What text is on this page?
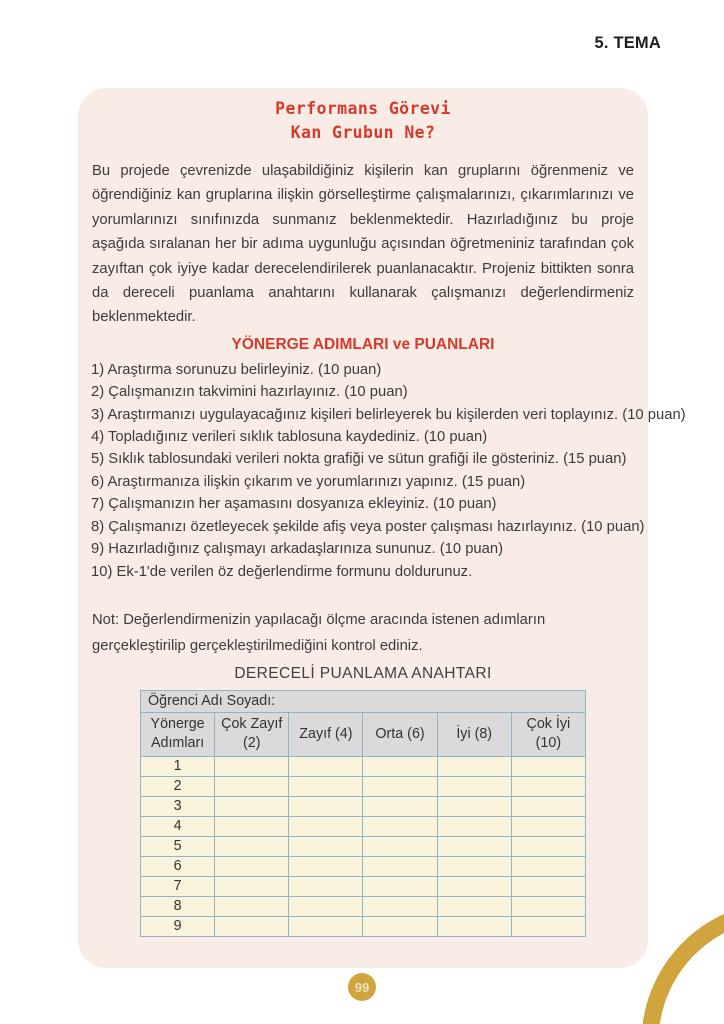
5. TEMA
Performans Görevi
Kan Grubun Ne?

Bu projede çevrenizde ulaşabildiğiniz kişilerin kan gruplarını öğrenmeniz ve öğrendiğiniz kan gruplarına ilişkin görselleştirme çalışmalarınızı, çıkarımlarınızı ve yorumlarınızı sınıfınızda sunmanız beklenmektedir. Hazırladığınız bu proje aşağıda sıralanan her bir adıma uygunluğu açısından öğretmeniniz tarafından çok zayıftan çok iyiye kadar derecelendirilerek puanlanacaktır. Projeniz bittikten sonra da dereceli puanlama anahtarını kullanarak çalışmanızı değerlendirmeniz beklenmektedir.

YÖNERGE ADIMLARI ve PUANLARI
1) Araştırma sorunuzu belirleyiniz. (10 puan)
2) Çalışmanızın takvimini hazırlayınız. (10 puan)
3) Araştırmanızı uygulayacağınız kişileri belirleyerek bu kişilerden veri toplayınız. (10 puan)
4) Topladığınız verileri sıklık tablosuna kaydediniz. (10 puan)
5) Sıklık tablosundaki verileri nokta grafiği ve sütun grafiği ile gösteriniz. (15 puan)
6) Araştırmanıza ilişkin çıkarım ve yorumlarınızı yapınız. (15 puan)
7) Çalışmanızın her aşamasını dosyanıza ekleyiniz. (10 puan)
8) Çalışmanızı özetleyecek şekilde afiş veya poster çalışması hazırlayınız. (10 puan)
9) Hazırladığınız çalışmayı arkadaşlarınıza sununuz. (10 puan)
10) Ek-1'de verilen öz değerlendirme formunu doldurunuz.

Not: Değerlendirmenizin yapılacağı ölçme aracında istenen adımların gerçekleştirilip gerçekleştirilmediğini kontrol ediniz.

DERECELİ PUANLAMA ANAHTARI
Öğrenci Adı Soyadı:					
Yönerge Adımları	Çok Zayıf (2)	Zayıf (4)	Orta (6)	İyi (8)	Çok İyi (10)
1					
2					
3					
4					
5					
6					
7					
8					
9					
99
